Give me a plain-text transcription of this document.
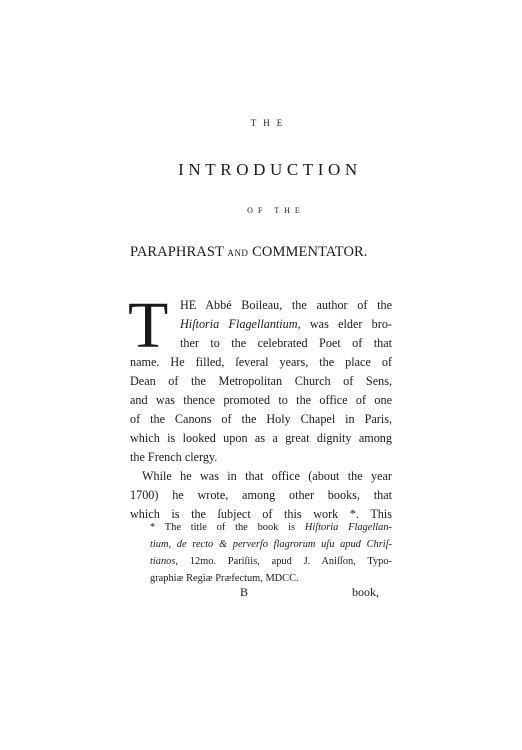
THE
INTRODUCTION
OF THE
PARAPHRAST AND COMMENTATOR.
T HE Abbé Boileau, the author of the
Hiſtoria Flagellantium, was elder bro-
ther to the celebrated Poet of that
name. He filled, ſeveral years, the place of
Dean of the Metropolitan Church of Sens,
and was thence promoted to the office of one
of the Canons of the Holy Chapel in Paris,
which is looked upon as a great dignity among
the French clergy.
While he was in that office (about the year
1700) he wrote, among other books, that
which is the ſubject of this work *. This
* The title of the book is Hiſtoria Flagellan-
tium, de recto & perverſo flagrorum uſu apud Chriſ-
tianos, 12mo. Pariſiis, apud J. Aniſſon, Typo-
graphiæ Regiæ Præfectum, MDCC.
B	book,
